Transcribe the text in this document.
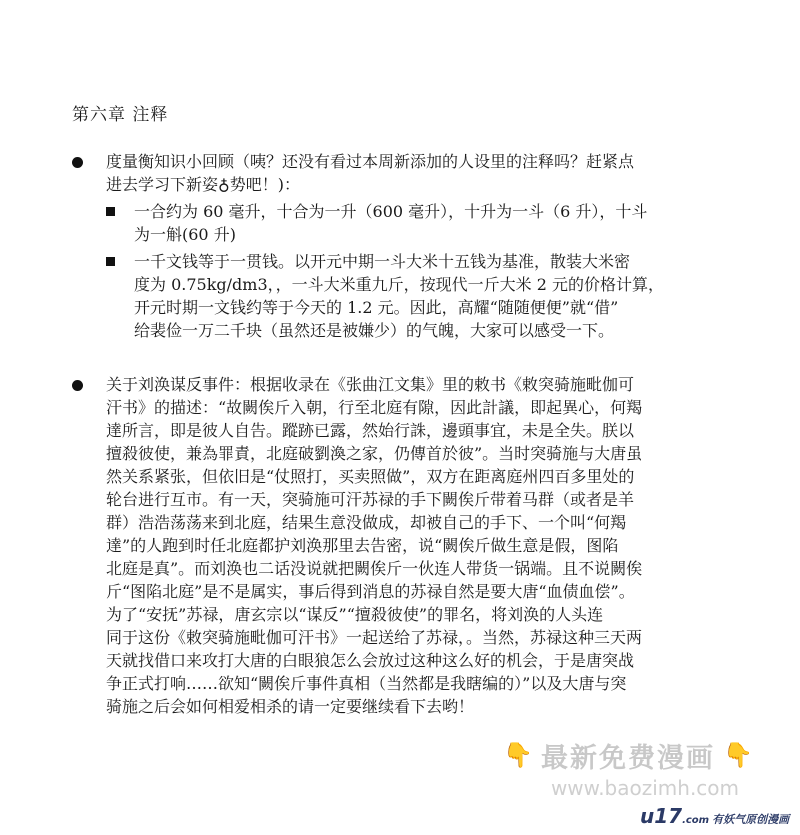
第六章 注释
度量衡知识小回顾（咦？还没有看过本周新添加的人设里的注释吗？赶紧点
进去学习下新姿♁势吧！)：
一合约为 60 毫升，十合为一升（600 毫升），十升为一斗（6 升），十斗
为一斛(60 升)
一千文钱等于一贯钱。以开元中期一斗大米十五钱为基准，散装大米密
度为 0.75kg/dm3，，一斗大米重九斤，按现代一斤大米 2 元的价格计算，
开元时期一文钱约等于今天的 1.2 元。因此，高耀“随随便便”就“借”
给裴俭一万二千块（虽然还是被嫌少）的气魄，大家可以感受一下。
关于刘涣谋反事件：根据收录在《张曲江文集》里的敕书《敕突骑施毗伽可
汗书》的描述：“故闕俟斤入朝，行至北庭有隙，因此計議，即起異心，何羯
達所言，即是彼人自告。蹤跡已露，然始行誅，邊頭事宜，未是全失。朕以
擅殺彼使，兼為罪責，北庭破劉渙之家，仍傳首於彼”。当时突骑施与大唐虽
然关系紧张，但依旧是“仗照打，买卖照做”，双方在距离庭州四百多里处的
轮台进行互市。有一天，突骑施可汗苏禄的手下闕俟斤带着马群（或者是羊
群）浩浩荡荡来到北庭，结果生意没做成，却被自己的手下、一个叫“何羯
達”的人跑到时任北庭都护刘涣那里去告密，说“闕俟斤做生意是假，图陷
北庭是真”。而刘涣也二话没说就把闕俟斤一伙连人带货一锅端。且不说闕俟
斤“图陷北庭”是不是属实，事后得到消息的苏禄自然是要大唐“血债血偿”。
为了“安抚”苏禄，唐玄宗以“谋反”“擅殺彼使”的罪名，将刘涣的人头连
同于这份《敕突骑施毗伽可汗书》一起送给了苏禄，。当然，苏禄这种三天两
天就找借口来攻打大唐的白眼狼怎么会放过这种这么好的机会，于是唐突战
争正式打响……欲知“闕俟斤事件真相（当然都是我瞎编的）”以及大唐与突
骑施之后会如何相爱相杀的请一定要继续看下去哟！
👇 最新免费漫画 👇
www.baozimh.com
u17.com 有妖气原创漫画
